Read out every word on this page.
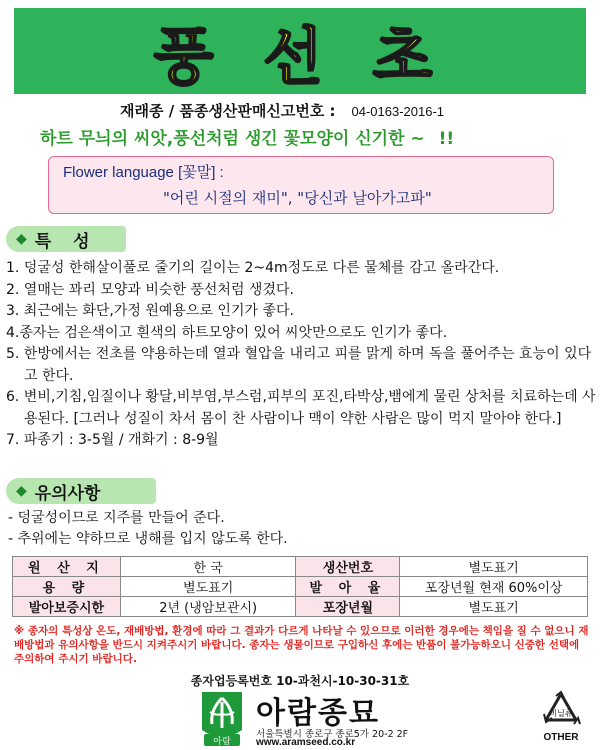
풍 선 초
재래종 / 품종생산판매신고번호 : 04-0163-2016-1
하트 무늬의 씨앗,풍선처럼 생긴 꽃모양이 신기한 ~ !!
Flower language [꽃말] :
"어린 시절의 재미", "당신과 날아가고파"
◆ 특 성
1. 덩굴성 한해살이풀로 줄기의 길이는 2~4m정도로 다른 물체를 감고 올라간다.
2. 열매는 꽈리 모양과 비슷한 풍선처럼 생겼다.
3. 최근에는 화단,가정 원예용으로 인기가 좋다.
4.종자는 검은색이고 흰색의 하트모양이 있어 씨앗만으로도 인기가 좋다.
5. 한방에서는 전초를 약용하는데 열과 혈압을 내리고 피를 맑게 하며 독을 풀어주는 효능이 있다고 한다.
6. 변비,기침,임질이나 황달,비부염,부스럼,피부의 포진,타박상,뱀에게 물린 상처를 치료하는데 사용된다. [그러나 성질이 차서 몸이 찬 사람이나 맥이 약한 사람은 많이 먹지 말아야 한다.]
7. 파종기 : 3-5월 / 개화기 : 8-9월
◆ 유의사항
- 덩굴성이므로 지주를 만들어 준다.
- 추위에는 약하므로 냉해를 입지 않도록 한다.
원 산 지	한 국	생산번호	별도표기
용 량	별도표기	발 아 율	포장년월 현재 60%이상
발아보증시한	2년 (냉암보관시)	포장년월	별도표기
※ 종자의 특성상 온도, 재배방법, 환경에 따라 그 결과가 다르게 나타날 수 있으므로 이러한 경우에는 책임을 질 수 없으니 재배방법과 유의사항을 반드시 지켜주시기 바랍니다. 종자는 생물이므로 구입하신 후에는 반품이 불가능하오니 신중한 선택에 주의하여 주시기 바랍니다.
종자업등록번호 10-과천시-10-30-31호
아람
아람종묘
서울특별시 종로구 종로5가 20-2 2F
www.aramseed.co.kr
비닐류
OTHER
